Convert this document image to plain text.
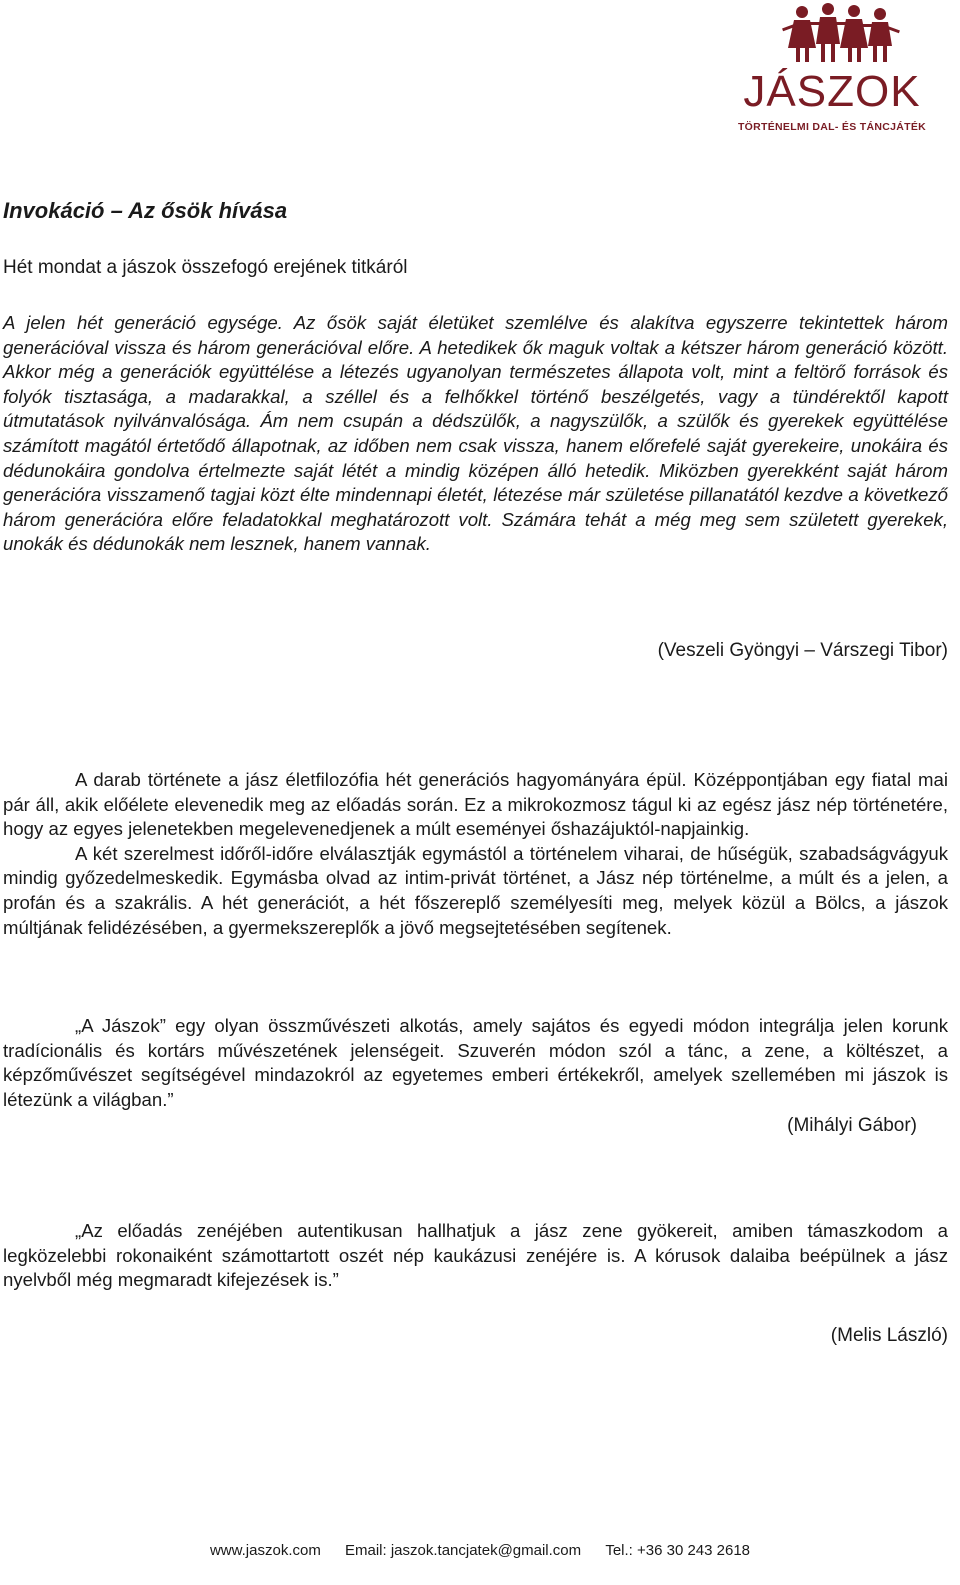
JÁSZOK
TÖRTÉNELMI DAL- ÉS TÁNCJÁTÉK
Invokáció – Az ősök hívása
Hét mondat a jászok összefogó erejének titkáról

A jelen hét generáció egysége. Az ősök saját életüket szemlélve és alakítva egyszerre tekintettek három generációval vissza és három generációval előre. A hetedikek ők maguk voltak a kétszer három generáció között. Akkor még a generációk együttélése a létezés ugyanolyan természetes állapota volt, mint a feltörő források és folyók tisztasága, a madarakkal, a széllel és a felhőkkel történő beszélgetés, vagy a tündérektől kapott útmutatások nyilvánvalósága. Ám nem csupán a dédszülők, a nagyszülők, a szülők és gyerekek együttélése számított magától értetődő állapotnak, az időben nem csak vissza, hanem előrefelé saját gyerekeire, unokáira és dédunokáira gondolva értelmezte saját létét a mindig középen álló hetedik. Miközben gyerekként saját három generációra visszamenő tagjai közt élte mindennapi életét, létezése már születése pillanatától kezdve a következő három generációra előre feladatokkal meghatározott volt. Számára tehát a még meg sem született gyerekek, unokák és dédunokák nem lesznek, hanem vannak.

(Veszeli Gyöngyi – Várszegi Tibor)

A darab története a jász életfilozófia hét generációs hagyományára épül. Középpontjában egy fiatal mai pár áll, akik előélete elevenedik meg az előadás során. Ez a mikrokozmosz tágul ki az egész jász nép történetére, hogy az egyes jelenetekben megelevenedjenek a múlt eseményei őshazájuktól-napjainkig.

A két szerelmest időről-időre elválasztják egymástól a történelem viharai, de hűségük, szabadságvágyuk mindig győzedelmeskedik. Egymásba olvad az intim-privát történet, a Jász nép történelme, a múlt és a jelen, a profán és a szakrális. A hét generációt, a hét főszereplő személyesíti meg, melyek közül a Bölcs, a jászok múltjának felidézésében, a gyermekszereplők a jövő megsejtetésében segítenek.

„A Jászok” egy olyan összművészeti alkotás, amely sajátos és egyedi módon integrálja jelen korunk tradícionális és kortárs művészetének jelenségeit. Szuverén módon szól a tánc, a zene, a költészet, a képzőművészet segítségével mindazokról az egyetemes emberi értékekről, amelyek szellemében mi jászok is létezünk a világban.”

(Mihályi Gábor)

„Az előadás zenéjében autentikusan hallhatjuk a jász zene gyökereit, amiben támaszkodom a legközelebbi rokonaiként számottartott oszét nép kaukázusi zenéjére is. A kórusok dalaiba beépülnek a jász nyelvből még megmaradt kifejezések is.”

(Melis László)
www.jaszok.com Email: jaszok.tancjatek@gmail.com Tel.: +36 30 243 2618
